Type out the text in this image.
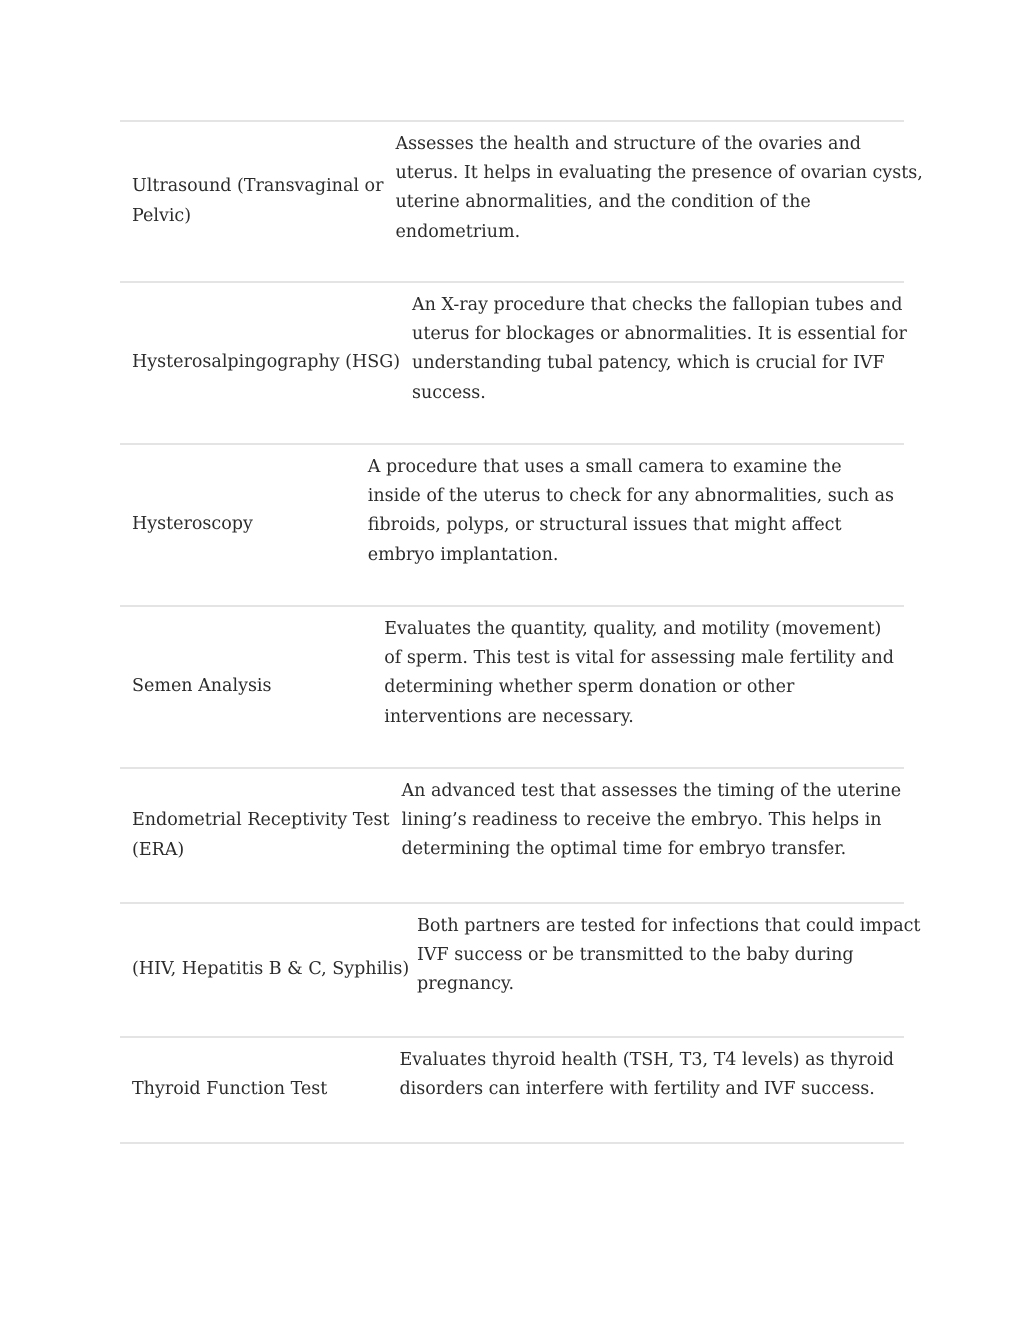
Ultrasound (Transvaginal or
Pelvic)
Assesses the health and structure of the ovaries and
uterus. It helps in evaluating the presence of ovarian cysts,
uterine abnormalities, and the condition of the
endometrium.
Hysterosalpingography (HSG)
An X-ray procedure that checks the fallopian tubes and
uterus for blockages or abnormalities. It is essential for
understanding tubal patency, which is crucial for IVF
success.
Hysteroscopy
A procedure that uses a small camera to examine the
inside of the uterus to check for any abnormalities, such as
fibroids, polyps, or structural issues that might affect
embryo implantation.
Semen Analysis
Evaluates the quantity, quality, and motility (movement)
of sperm. This test is vital for assessing male fertility and
determining whether sperm donation or other
interventions are necessary.
Endometrial Receptivity Test
(ERA)
An advanced test that assesses the timing of the uterine
lining’s readiness to receive the embryo. This helps in
determining the optimal time for embryo transfer.
(HIV, Hepatitis B & C, Syphilis)
Both partners are tested for infections that could impact
IVF success or be transmitted to the baby during
pregnancy.
Thyroid Function Test
Evaluates thyroid health (TSH, T3, T4 levels) as thyroid
disorders can interfere with fertility and IVF success.
